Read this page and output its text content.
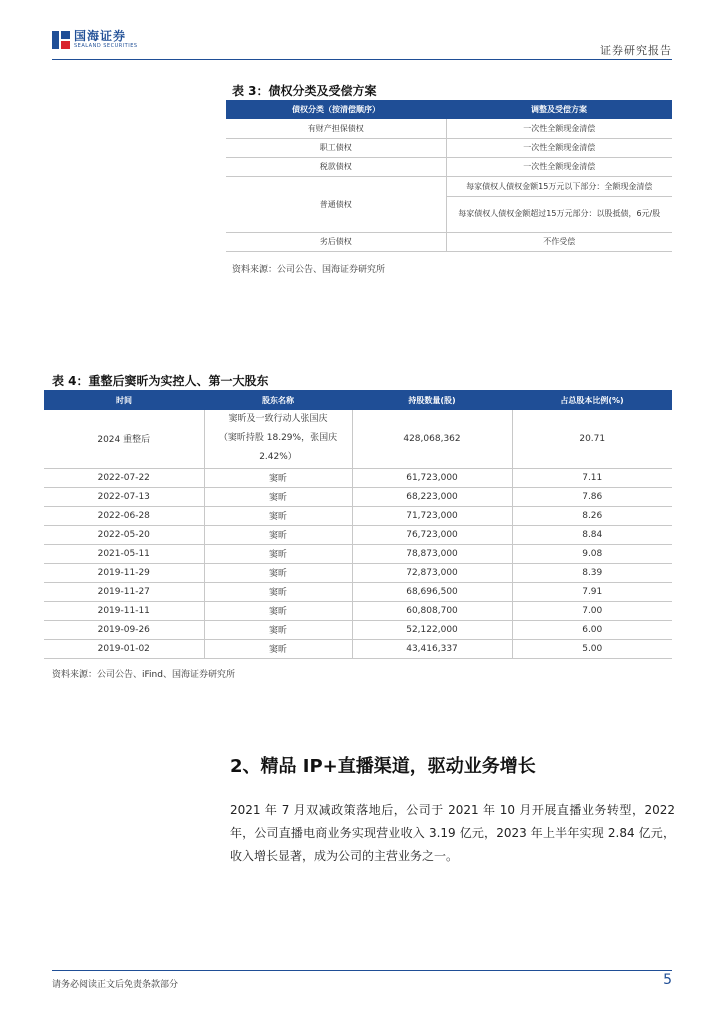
国海证券
SEALAND SECURITIES	证券研究报告
表 3：债权分类及受偿方案
债权分类（按清偿顺序）	调整及受偿方案
有财产担保债权	一次性全额现金清偿
职工债权	一次性全额现金清偿
税款债权	一次性全额现金清偿
普通债权	每家债权人债权金额15万元以下部分：全额现金清偿
	每家债权人债权金额超过15万元部分：以股抵债，6元/股
劣后债权	不作受偿
资料来源：公司公告、国海证券研究所
表 4：重整后窦昕为实控人、第一大股东
时间	股东名称	持股数量(股)	占总股本比例(%)
2024 重整后	窦昕及一致行动人张国庆
（窦昕持股 18.29%，张国庆
2.42%）	428,068,362	20.71
2022-07-22	窦昕	61,723,000	7.11
2022-07-13	窦昕	68,223,000	7.86
2022-06-28	窦昕	71,723,000	8.26
2022-05-20	窦昕	76,723,000	8.84
2021-05-11	窦昕	78,873,000	9.08
2019-11-29	窦昕	72,873,000	8.39
2019-11-27	窦昕	68,696,500	7.91
2019-11-11	窦昕	60,808,700	7.00
2019-09-26	窦昕	52,122,000	6.00
2019-01-02	窦昕	43,416,337	5.00
资料来源：公司公告、iFind、国海证券研究所
2、精品 IP+直播渠道，驱动业务增长
2021 年 7 月双减政策落地后，公司于 2021 年 10 月开展直播业务转型，2022 年，公司直播电商业务实现营业收入 3.19 亿元，2023 年上半年实现 2.84 亿元，收入增长显著，成为公司的主营业务之一。
请务必阅读正文后免责条款部分	5
